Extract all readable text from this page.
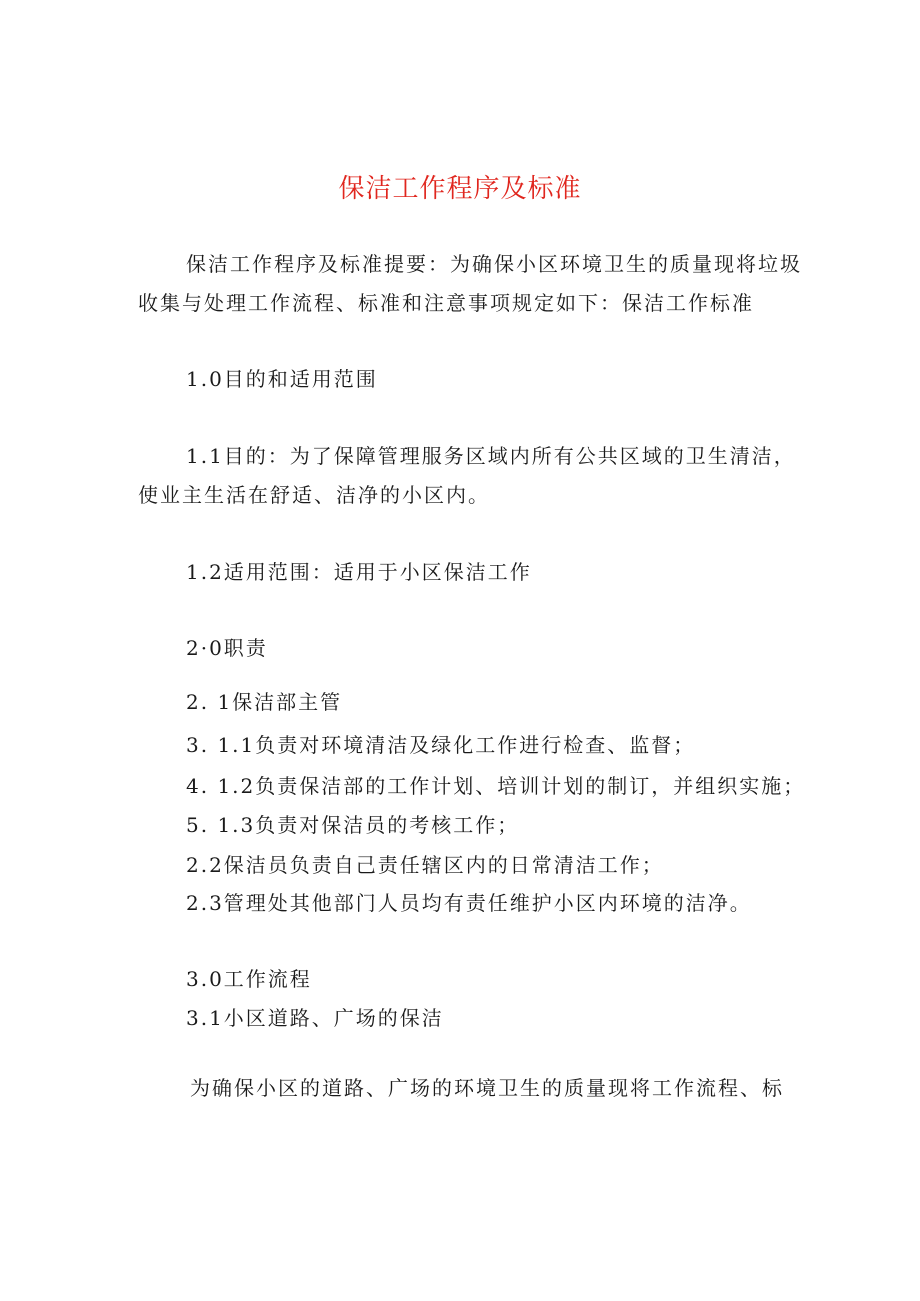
保洁工作程序及标准
保洁工作程序及标准提要：为确保小区环境卫生的质量现将垃圾
收集与处理工作流程、标准和注意事项规定如下：保洁工作标准
1.0目的和适用范围
1.1目的：为了保障管理服务区域内所有公共区域的卫生清洁，
使业主生活在舒适、洁净的小区内。
1.2适用范围：适用于小区保洁工作
2·0职责
2. 1保洁部主管
3. 1.1负责对环境清洁及绿化工作进行检查、监督；
4. 1.2负责保洁部的工作计划、培训计划的制订，并组织实施；
5. 1.3负责对保洁员的考核工作；
2.2保洁员负责自己责任辖区内的日常清洁工作；
2.3管理处其他部门人员均有责任维护小区内环境的洁净。
3.0工作流程
3.1小区道路、广场的保洁
为确保小区的道路、广场的环境卫生的质量现将工作流程、标
